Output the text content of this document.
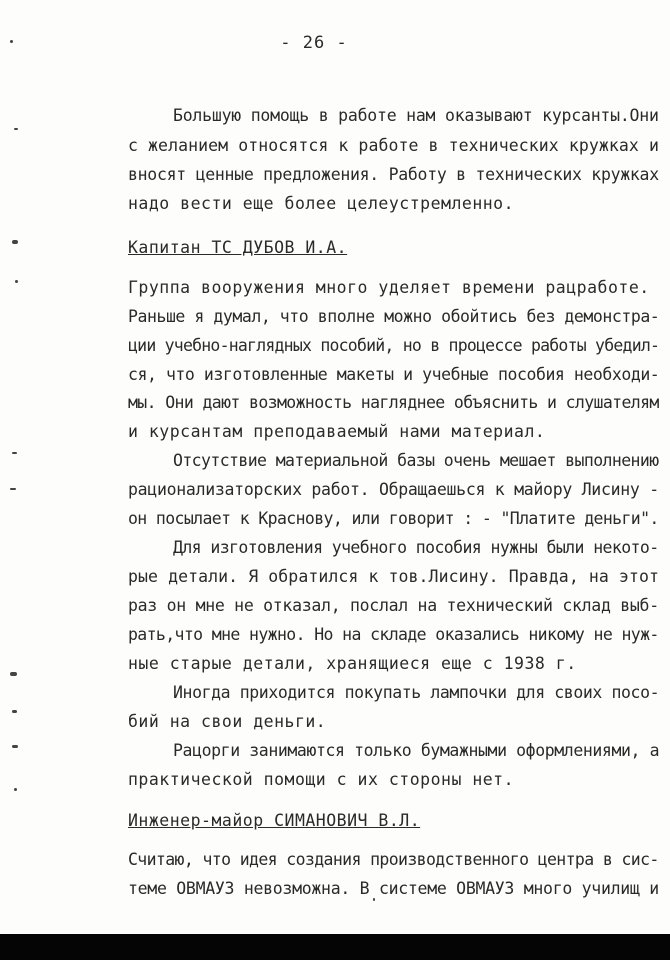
- 26 -
Большую помощь в работе нам оказывают курсанты.Они
с желанием относятся к работе в технических кружках и
вносят ценные предложения. Работу в технических кружках
надо вести еще более целеустремленно.
Капитан ТС ДУБОВ И.А.
Группа вооружения много уделяет времени рацработе.
Раньше я думал, что вполне можно обойтись без демонстра-
ции учебно-наглядных пособий, но в процессе работы убедил-
ся, что изготовленные макеты и учебные пособия необходи-
мы. Они дают возможность нагляднее объяснить и слушателям
и курсантам преподаваемый нами материал.
Отсутствие материальной базы очень мешает выполнению
рационализаторских работ. Обращаешься к майору Лисину -
он посылает к Краснову, или говорит : - "Платите деньги".
Для изготовления учебного пособия нужны были некото-
рые детали. Я обратился к тов.Лисину. Правда, на этот
раз он мне не отказал, послал на технический склад выб-
рать,что мне нужно. Но на складе оказались никому не нуж-
ные старые детали, хранящиеся еще с 1938 г.
Иногда приходится покупать лампочки для своих посо-
бий на свои деньги.
Рацорги занимаются только бумажными оформлениями, а
практической помощи с их стороны нет.
Инженер-майор СИМАНОВИЧ В.Л.
Считаю, что идея создания производственного центра в сис-
теме ОВМАУЗ невозможна. В системе ОВМАУЗ много училищ и
